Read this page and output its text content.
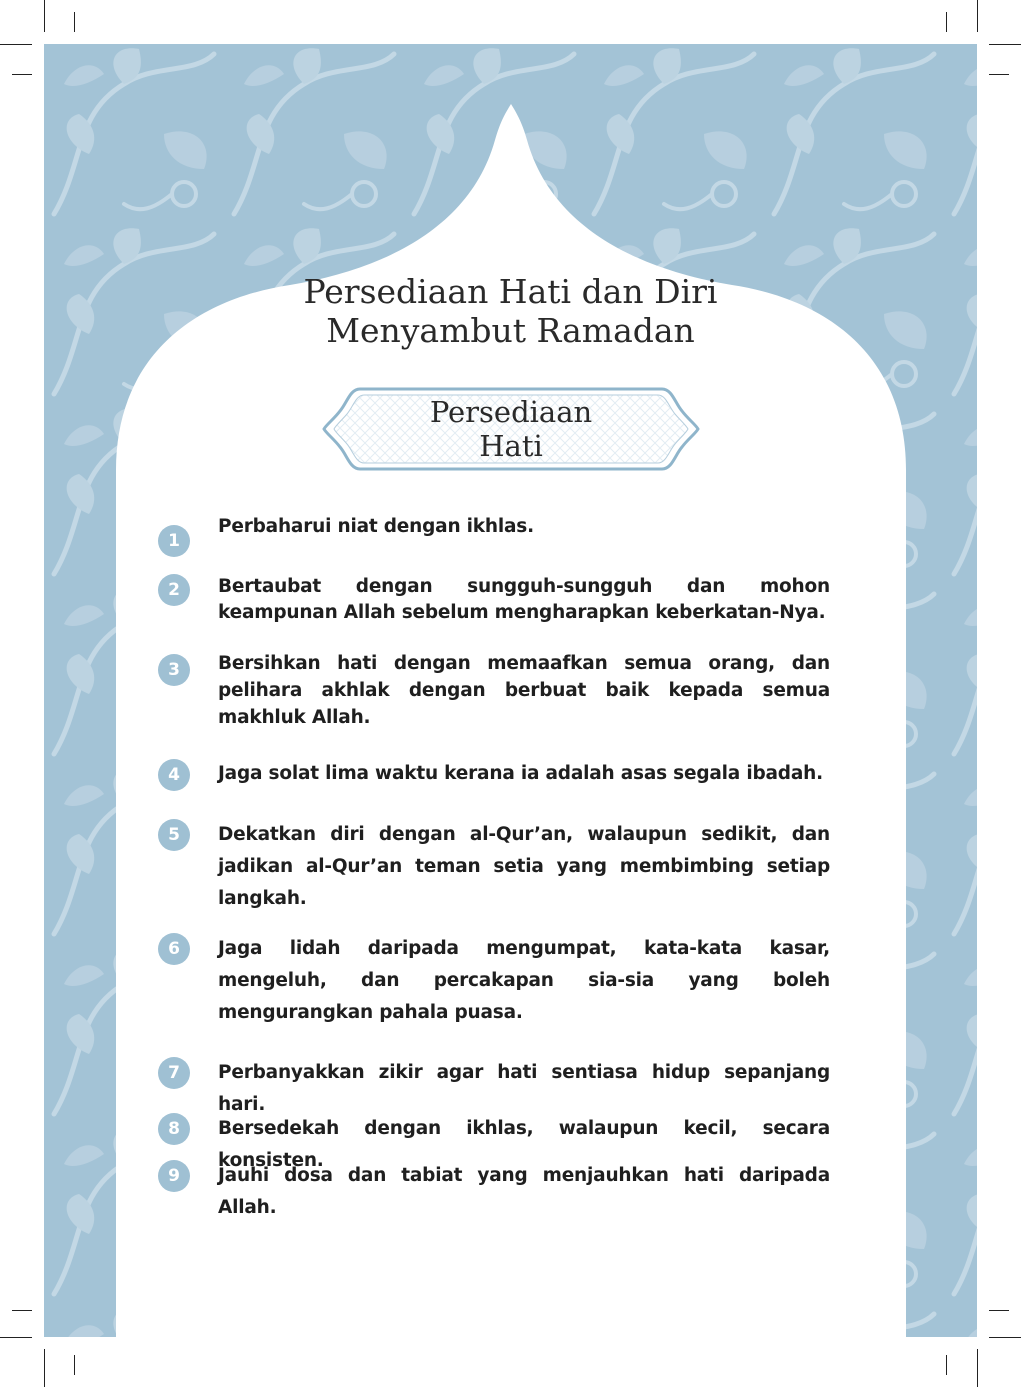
Persediaan Hati dan Diri
Menyambut Ramadan
Persediaan
Hati
1
Perbaharui niat dengan ikhlas.
2	Bertaubat dengan sungguh-sungguh dan mohon keampunan Allah sebelum mengharapkan keberkatan-Nya.
3	Bersihkan hati dengan memaafkan semua orang, dan pelihara akhlak dengan berbuat baik kepada semua makhluk Allah.
4	Jaga solat lima waktu kerana ia adalah asas segala ibadah.
5	Dekatkan diri dengan al-Qur’an, walaupun sedikit, dan jadikan al-Qur’an teman setia yang membimbing setiap langkah.
6	Jaga lidah daripada mengumpat, kata-kata kasar, mengeluh, dan percakapan sia-sia yang boleh mengurangkan pahala puasa.
7	Perbanyakkan zikir agar hati sentiasa hidup sepanjang hari.
8	Bersedekah dengan ikhlas, walaupun kecil, secara konsisten.
9	Jauhi dosa dan tabiat yang menjauhkan hati daripada Allah.
